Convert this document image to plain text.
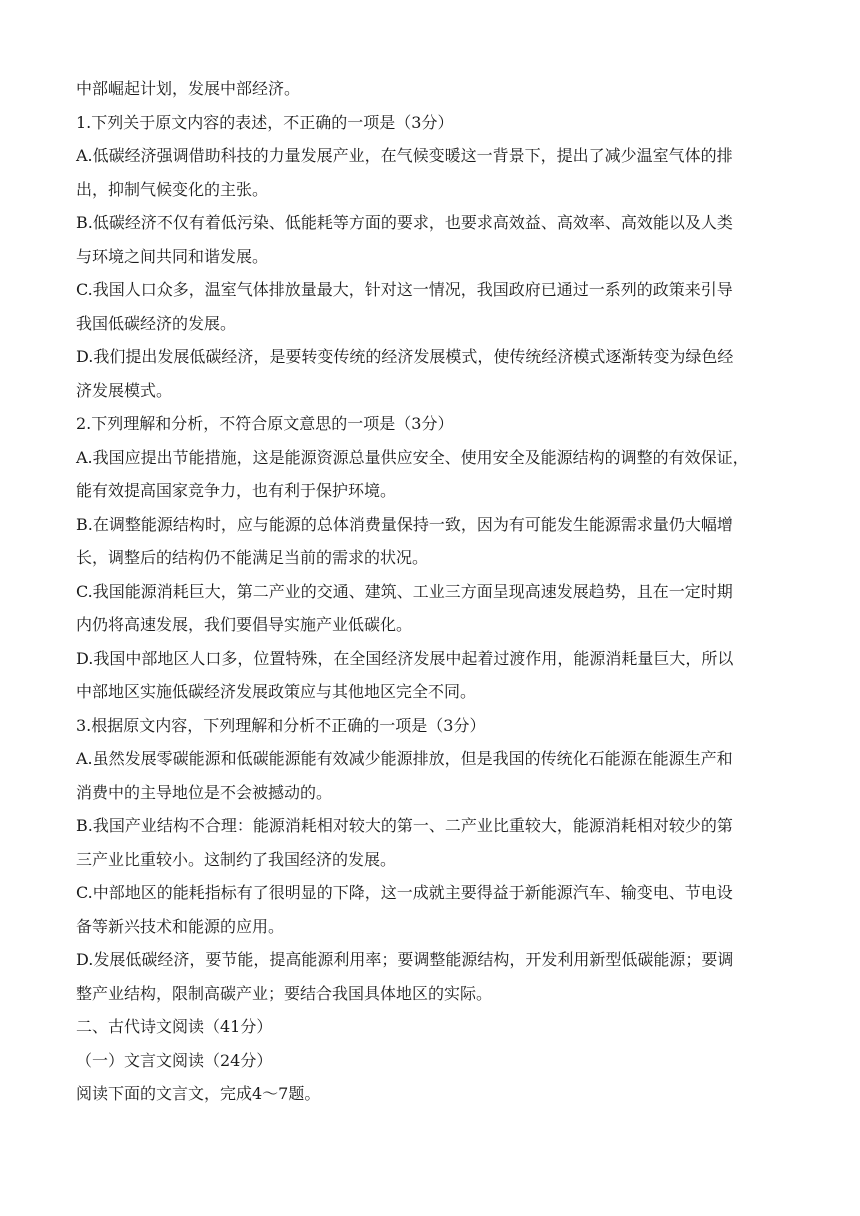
中部崛起计划，发展中部经济。
1.下列关于原文内容的表述，不正确的一项是（3分）
A.低碳经济强调借助科技的力量发展产业，在气候变暖这一背景下，提出了减少温室气体的排
出，抑制气候变化的主张。
B.低碳经济不仅有着低污染、低能耗等方面的要求，也要求高效益、高效率、高效能以及人类
与环境之间共同和谐发展。
C.我国人口众多，温室气体排放量最大，针对这一情况，我国政府已通过一系列的政策来引导
我国低碳经济的发展。
D.我们提出发展低碳经济，是要转变传统的经济发展模式，使传统经济模式逐渐转变为绿色经
济发展模式。
2.下列理解和分析，不符合原文意思的一项是（3分）
A.我国应提出节能措施，这是能源资源总量供应安全、使用安全及能源结构的调整的有效保证，
能有效提高国家竞争力，也有利于保护环境。
B.在调整能源结构时，应与能源的总体消费量保持一致，因为有可能发生能源需求量仍大幅增
长，调整后的结构仍不能满足当前的需求的状况。
C.我国能源消耗巨大，第二产业的交通、建筑、工业三方面呈现高速发展趋势，且在一定时期
内仍将高速发展，我们要倡导实施产业低碳化。
D.我国中部地区人口多，位置特殊，在全国经济发展中起着过渡作用，能源消耗量巨大，所以
中部地区实施低碳经济发展政策应与其他地区完全不同。
3.根据原文内容，下列理解和分析不正确的一项是（3分）
A.虽然发展零碳能源和低碳能源能有效减少能源排放，但是我国的传统化石能源在能源生产和
消费中的主导地位是不会被撼动的。
B.我国产业结构不合理：能源消耗相对较大的第一、二产业比重较大，能源消耗相对较少的第
三产业比重较小。这制约了我国经济的发展。
C.中部地区的能耗指标有了很明显的下降，这一成就主要得益于新能源汽车、输变电、节电设
备等新兴技术和能源的应用。
D.发展低碳经济，要节能，提高能源利用率；要调整能源结构，开发利用新型低碳能源；要调
整产业结构，限制高碳产业；要结合我国具体地区的实际。
二、古代诗文阅读（41分）
（一）文言文阅读（24分）
阅读下面的文言文，完成4～7题。
